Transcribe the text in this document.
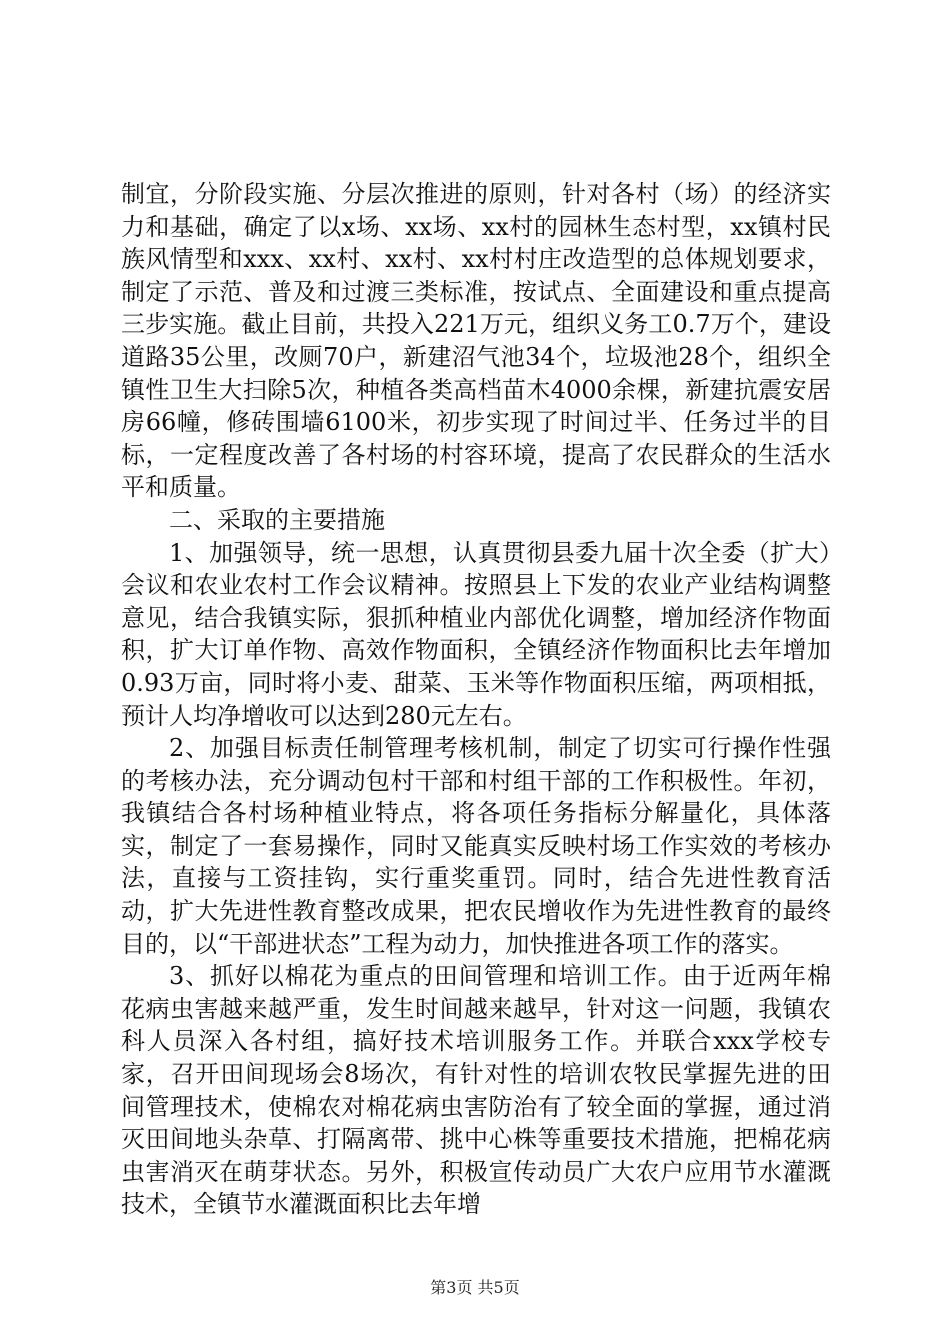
制宜，分阶段实施、分层次推进的原则，针对各村（场）的经济实力和基础，确定了以x场、xx场、xx村的园林生态村型，xx镇村民族风情型和xxx、xx村、xx村、xx村村庄改造型的总体规划要求，制定了示范、普及和过渡三类标准，按试点、全面建设和重点提高三步实施。截止目前，共投入221万元，组织义务工0.7万个，建设道路35公里，改厕70户，新建沼气池34个，垃圾池28个，组织全镇性卫生大扫除5次，种植各类高档苗木4000余棵，新建抗震安居房66幢，修砖围墙6100米，初步实现了时间过半、任务过半的目标，一定程度改善了各村场的村容环境，提高了农民群众的生活水平和质量。

二、采取的主要措施

1、加强领导，统一思想，认真贯彻县委九届十次全委（扩大）会议和农业农村工作会议精神。按照县上下发的农业产业结构调整意见，结合我镇实际，狠抓种植业内部优化调整，增加经济作物面积，扩大订单作物、高效作物面积，全镇经济作物面积比去年增加0.93万亩，同时将小麦、甜菜、玉米等作物面积压缩，两项相抵，预计人均净增收可以达到280元左右。

2、加强目标责任制管理考核机制，制定了切实可行操作性强的考核办法，充分调动包村干部和村组干部的工作积极性。年初，我镇结合各村场种植业特点，将各项任务指标分解量化，具体落实，制定了一套易操作，同时又能真实反映村场工作实效的考核办法，直接与工资挂钩，实行重奖重罚。同时，结合先进性教育活动，扩大先进性教育整改成果，把农民增收作为先进性教育的最终目的，以“干部进状态”工程为动力，加快推进各项工作的落实。

3、抓好以棉花为重点的田间管理和培训工作。由于近两年棉花病虫害越来越严重，发生时间越来越早，针对这一问题，我镇农科人员深入各村组，搞好技术培训服务工作。并联合xxx学校专家，召开田间现场会8场次，有针对性的培训农牧民掌握先进的田间管理技术，使棉农对棉花病虫害防治有了较全面的掌握，通过消灭田间地头杂草、打隔离带、挑中心株等重要技术措施，把棉花病虫害消灭在萌芽状态。另外，积极宣传动员广大农户应用节水灌溉技术，全镇节水灌溉面积比去年增

第3页 共5页
